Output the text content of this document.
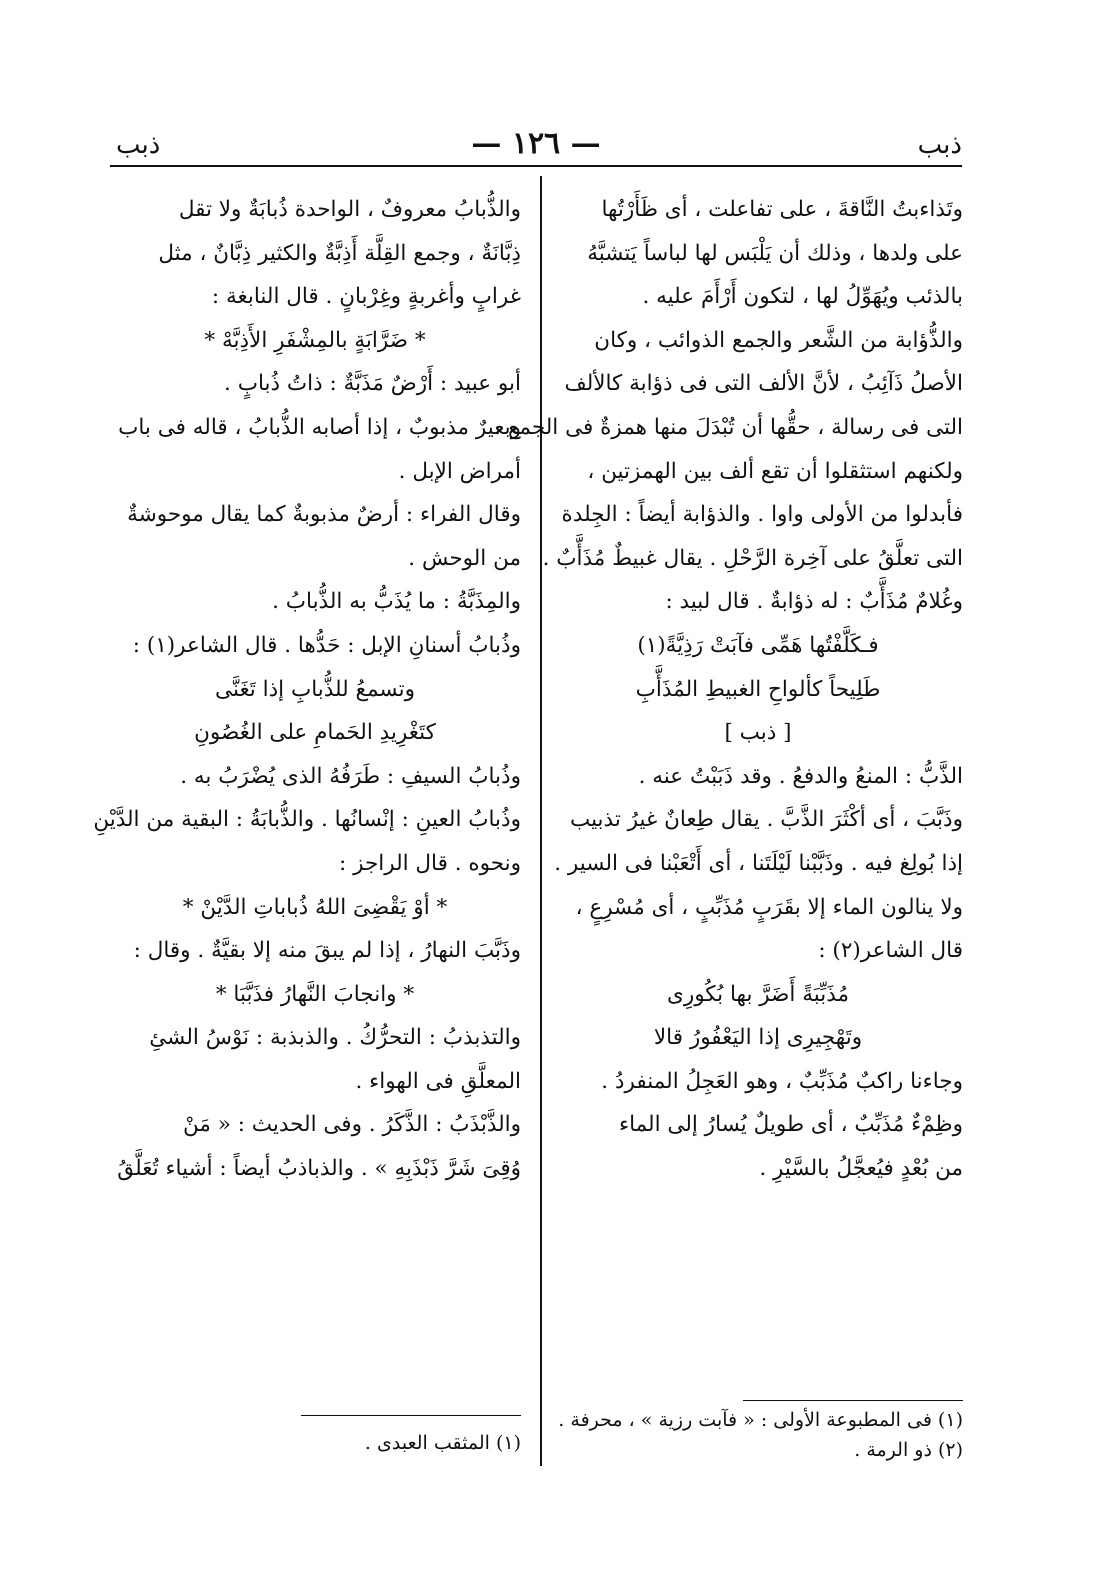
ذبب
— ١٢٦ —
ذبب
وتَذاءبتُ النَّاقةَ ، على تفاعلت ، أى ظَأَرْتُها
على ولدها ، وذلك أن يَلْبَس لها لباساً يَتشبَّهُ
بالذئب ويُهَوِّلُ لها ، لتكون أَرْأَمَ عليه .
والذُّؤابة من الشَّعر والجمع الذوائب ، وكان
الأصلُ ذَآئِبُ ، لأنَّ الألف التى فى ذؤابة كالألف
التى فى رسالة ، حقُّها أن تُبْدَلَ منها همزةٌ فى الجمع ،
ولكنهم استثقلوا أن تقع ألف بين الهمزتين ،
فأبدلوا من الأولى واوا . والذؤابة أيضاً : الجِلدة
التى تعلَّقُ على آخِرة الرَّحْلِ . يقال غبيطٌ مُذَأَّبٌ .
وغُلامٌ مُذَأَّبٌ : له ذؤابةٌ . قال لبيد :
فـكَلَّفْتُها هَمِّى فآبَتْ رَذِيَّةً(١)
طَلِيحاً كألواحِ الغبيطِ المُذَأَّبِ
[ ذبب ]
الذَّبُّ : المنعُ والدفعُ . وقد ذَبَبْتُ عنه .
وذَبَّبَ ، أى أكْثَرَ الذَّبَّ . يقال طِعانٌ غيرُ تذبيب
إذا بُولِغ فيه . وذَبَّبْنا لَيْلَتَنا ، أى أَتْعَبْنا فى السير .
ولا ينالون الماء إلا بقَرَبٍ مُذَبِّبٍ ، أى مُسْرِعٍ ،
قال الشاعر(٢) :
مُذَبِّبَةً أَضَرَّ بها بُكُورِى
وتَهْجِيرِى إذا اليَعْفُورُ قالا
وجاءنا راكبٌ مُذَبِّبٌ ، وهو العَجِلُ المنفردُ .
وظِمْءٌ مُذَبِّبٌ ، أى طويلٌ يُسارُ إلى الماء
من بُعْدٍ فيُعجَّلُ بالسَّيْرِ .
والذُّبابُ معروفٌ ، الواحدة ذُبابَةٌ ولا تقل
ذِبَّانَةٌ ، وجمع القِلَّة أَذِبَّةٌ والكثير ذِبَّانٌ ، مثل
غرابٍ وأغربةٍ وغِرْبانٍ . قال النابغة :
* ضَرَّابَةٍ بالمِشْفَرِ الأَذِبَّهْ *
أبو عبيد : أَرْضٌ مَذَبَّةٌ : ذاتُ ذُبابٍ .
وبعيرٌ مذبوبٌ ، إذا أصابه الذُّبابُ ، قاله فى باب
أمراض الإبل .
وقال الفراء : أرضٌ مذبوبةٌ كما يقال موحوشةٌ
من الوحش .
والمِذَبَّةُ : ما يُذَبُّ به الذُّبابُ .
وذُبابُ أسنانِ الإبل : حَدُّها . قال الشاعر(١) :
وتسمعُ للذُّبابِ إذا تَغَنَّى
كتَغْرِيدِ الحَمامِ على الغُصُونِ
وذُبابُ السيفِ : طَرَفُهُ الذى يُضْرَبُ به .
وذُبابُ العينِ : إنْسانُها . والذُّبابَةُ : البقية من الدَّيْنِ
ونحوه . قال الراجز :
* أوْ يَقْضِىَ اللهُ ذُباباتِ الدَّيْنْ *
وذَبَّبَ النهارُ ، إذا لم يبقَ منه إلا بقيَّةٌ . وقال :
* وانجابَ النَّهارُ فذَبَّبَا *
والتذبذبُ : التحرُّكُ . والذبذبة : نَوْسُ الشئِ
المعلَّقِ فى الهواء .
والذَّبْذَبُ : الذَّكَرُ . وفى الحديث : « مَنْ
وُقِىَ شَرَّ ذَبْذَبِهِ » . والذباذبُ أيضاً : أشياء تُعَلَّقُ
(١) فى المطبوعة الأولى : « فآبت رزية » ، محرفة .
(٢) ذو الرمة .
(١) المثقب العبدى .
